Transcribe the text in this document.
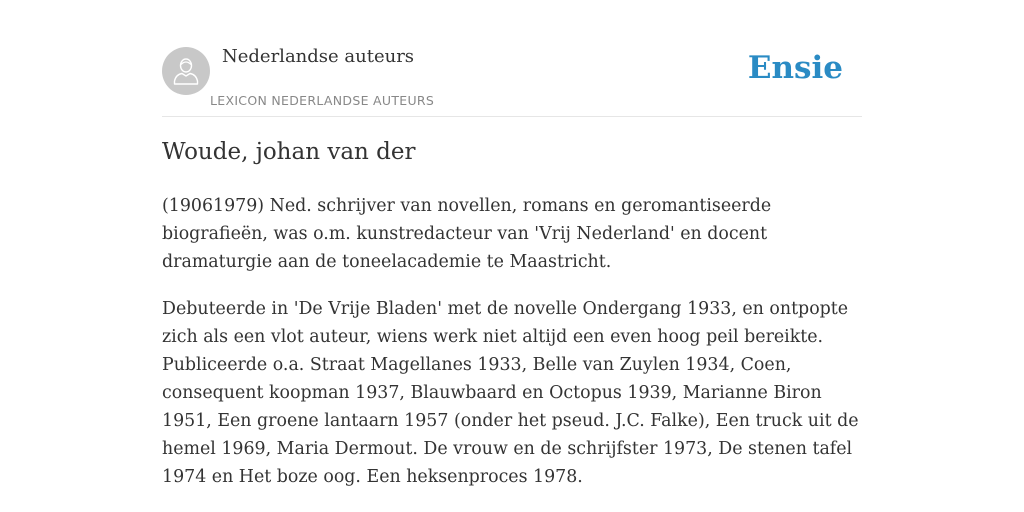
Nederlandse auteurs
LEXICON NEDERLANDSE AUTEURS
Ensie
Woude, johan van der

(19061979) Ned. schrijver van novellen, romans en geromantiseerde biografieën, was o.m. kunstredacteur van 'Vrij Nederland' en docent dramaturgie aan de toneelacademie te Maastricht.

Debuteerde in 'De Vrije Bladen' met de novelle Ondergang 1933, en ontpopte zich als een vlot auteur, wiens werk niet altijd een even hoog peil bereikte. Publiceerde o.a. Straat Magellanes 1933, Belle van Zuylen 1934, Coen, consequent koopman 1937, Blauwbaard en Octopus 1939, Marianne Biron 1951, Een groene lantaarn 1957 (onder het pseud. J.C. Falke), Een truck uit de hemel 1969, Maria Dermout. De vrouw en de schrijfster 1973, De stenen tafel 1974 en Het boze oog. Een heksenproces 1978.
